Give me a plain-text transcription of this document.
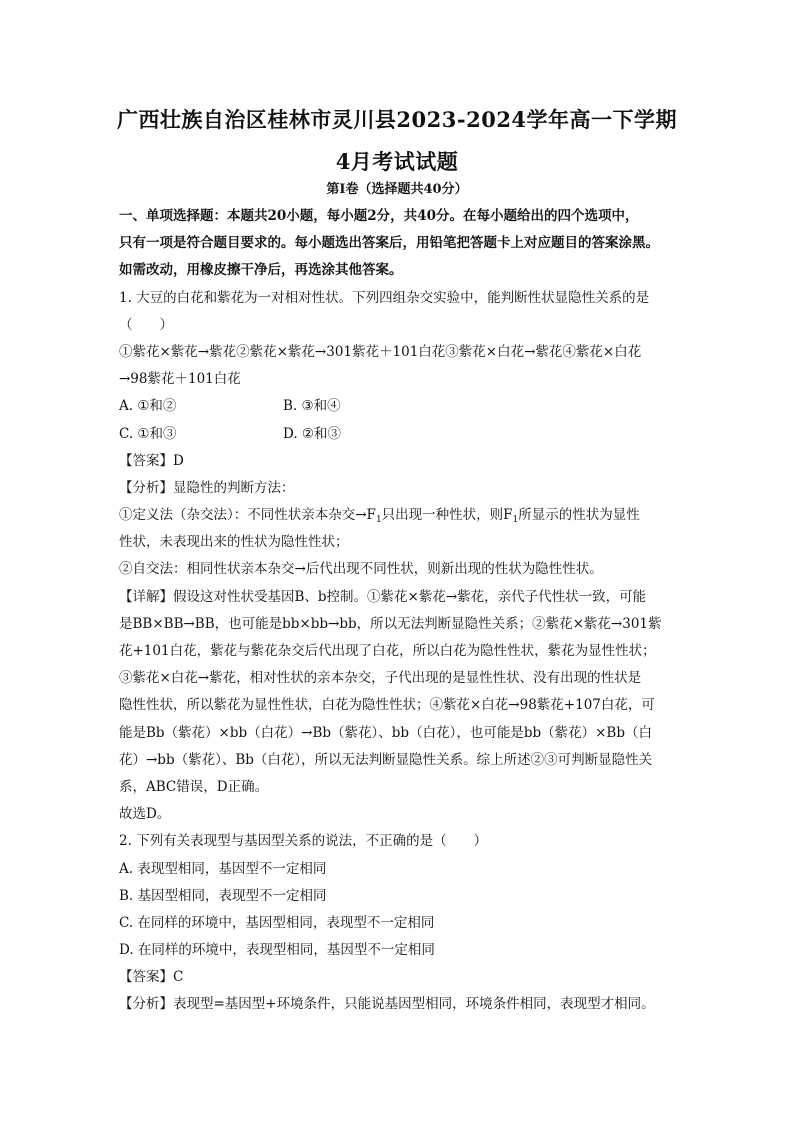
广西壮族自治区桂林市灵川县2023-2024学年高一下学期
4月考试试题
第Ⅰ卷（选择题共40分）
一、单项选择题：本题共20小题，每小题2分，共40分。在每小题给出的四个选项中，
只有一项是符合题目要求的。每小题选出答案后，用铅笔把答题卡上对应题目的答案涂黑。
如需改动，用橡皮擦干净后，再选涂其他答案。
1. 大豆的白花和紫花为一对相对性状。下列四组杂交实验中，能判断性状显隐性关系的是
（　　）
①紫花×紫花→紫花②紫花×紫花→301紫花＋101白花③紫花×白花→紫花④紫花×白花
→98紫花＋101白花
A. ①和②	B. ③和④
C. ①和③	D. ②和③
【答案】D
【分析】显隐性的判断方法：
①定义法（杂交法）：不同性状亲本杂交$\to F_1$只出现一种性状，则$F_1$所显示的性状为显性
性状，未表现出来的性状为隐性性状；
②自交法：相同性状亲本杂交→后代出现不同性状，则新出现的性状为隐性性状。
【详解】假设这对性状受基因B、b控制。①紫花×紫花→紫花，亲代子代性状一致，可能
是BB×BB→BB，也可能是bb×bb→bb，所以无法判断显隐性关系；②紫花×紫花→301紫
花+101白花，紫花与紫花杂交后代出现了白花，所以白花为隐性性状，紫花为显性性状；
③紫花×白花→紫花，相对性状的亲本杂交，子代出现的是显性性状、没有出现的性状是
隐性性状，所以紫花为显性性状，白花为隐性性状；④紫花×白花→98紫花+107白花，可
能是Bb（紫花）×bb（白花）→Bb（紫花）、bb（白花），也可能是bb（紫花）×Bb（白
花）→bb（紫花）、Bb（白花），所以无法判断显隐性关系。综上所述②③可判断显隐性关
系，ABC错误，D正确。
故选D。
2. 下列有关表现型与基因型关系的说法，不正确的是（　　）
A. 表现型相同，基因型不一定相同
B. 基因型相同，表现型不一定相同
C. 在同样的环境中，基因型相同，表现型不一定相同
D. 在同样的环境中，表现型相同，基因型不一定相同
【答案】C
【分析】表现型=基因型+环境条件，只能说基因型相同，环境条件相同，表现型才相同。
